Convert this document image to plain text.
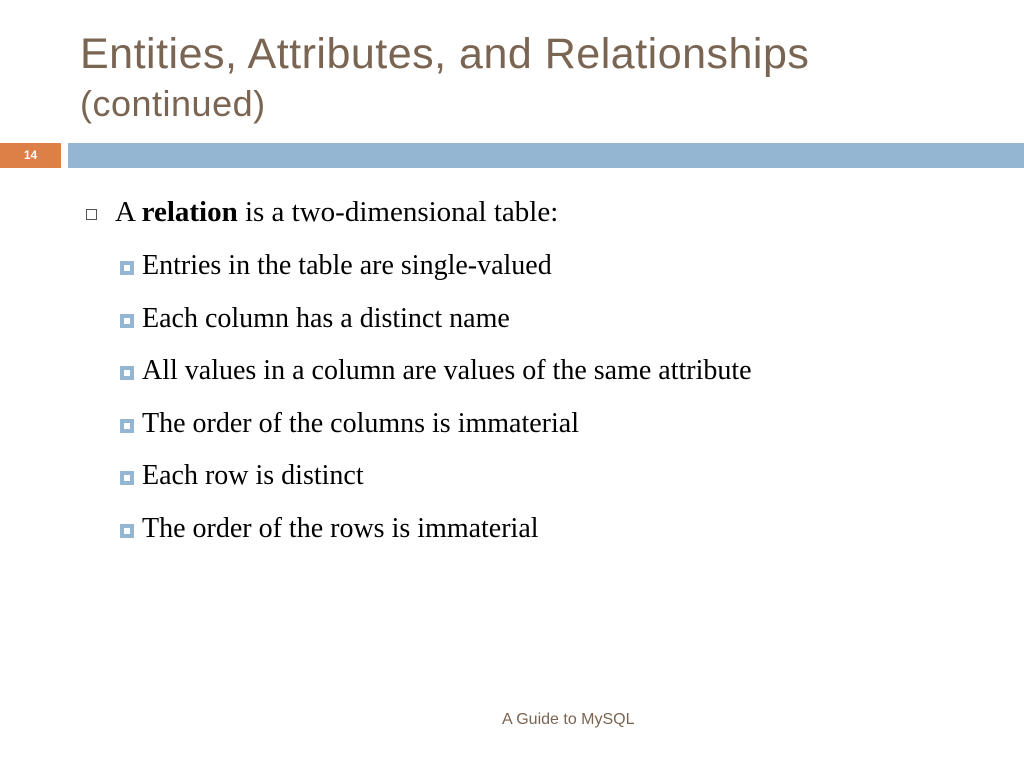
Entities, Attributes, and Relationships
(continued)
14
A relation is a two-dimensional table:
Entries in the table are single-valued
Each column has a distinct name
All values in a column are values of the same attribute
The order of the columns is immaterial
Each row is distinct
The order of the rows is immaterial
A Guide to MySQL
